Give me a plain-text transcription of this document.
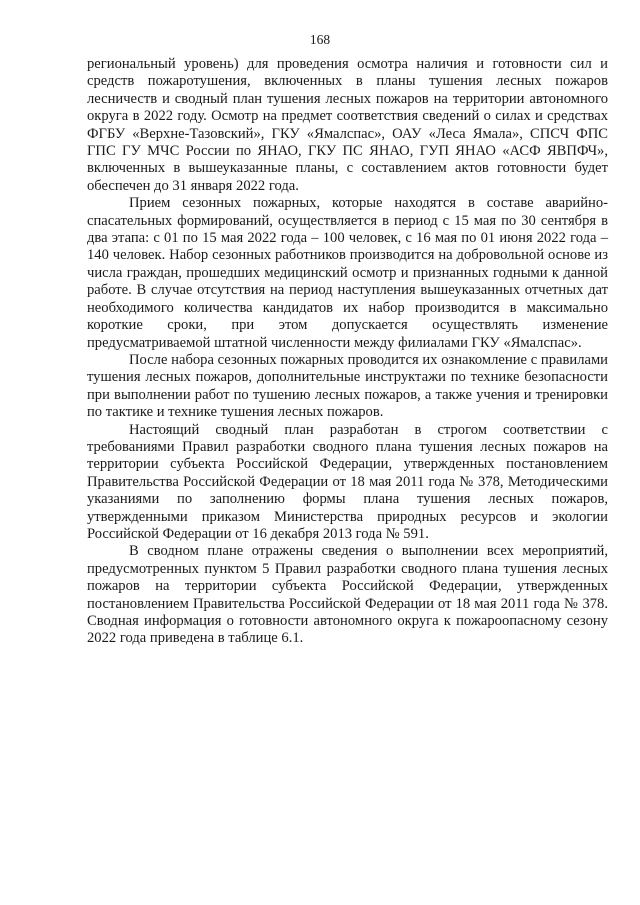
168

региональный уровень) для проведения осмотра наличия и готовности сил и средств пожаротушения, включенных в планы тушения лесных пожаров лесничеств и сводный план тушения лесных пожаров на территории автономного округа в 2022 году. Осмотр на предмет соответствия сведений о силах и средствах ФГБУ «Верхне-Тазовский», ГКУ «Ямалспас», ОАУ «Леса Ямала», СПСЧ ФПС ГПС ГУ МЧС России по ЯНАО, ГКУ ПС ЯНАО, ГУП ЯНАО «АСФ ЯВПФЧ», включенных в вышеуказанные планы, с составлением актов готовности будет обеспечен до 31 января 2022 года.

Прием сезонных пожарных, которые находятся в составе аварийно-спасательных формирований, осуществляется в период с 15 мая по 30 сентября в два этапа: с 01 по 15 мая 2022 года – 100 человек, с 16 мая по 01 июня 2022 года – 140 человек. Набор сезонных работников производится на добровольной основе из числа граждан, прошедших медицинский осмотр и признанных годными к данной работе. В случае отсутствия на период наступления вышеуказанных отчетных дат необходимого количества кандидатов их набор производится в максимально короткие сроки, при этом допускается осуществлять изменение предусматриваемой штатной численности между филиалами ГКУ «Ямалспас».

После набора сезонных пожарных проводится их ознакомление с правилами тушения лесных пожаров, дополнительные инструктажи по технике безопасности при выполнении работ по тушению лесных пожаров, а также учения и тренировки по тактике и технике тушения лесных пожаров.

Настоящий сводный план разработан в строгом соответствии с требованиями Правил разработки сводного плана тушения лесных пожаров на территории субъекта Российской Федерации, утвержденных постановлением Правительства Российской Федерации от 18 мая 2011 года № 378, Методическими указаниями по заполнению формы плана тушения лесных пожаров, утвержденными приказом Министерства природных ресурсов и экологии Российской Федерации от 16 декабря 2013 года № 591.

В сводном плане отражены сведения о выполнении всех мероприятий, предусмотренных пунктом 5 Правил разработки сводного плана тушения лесных пожаров на территории субъекта Российской Федерации, утвержденных постановлением Правительства Российской Федерации от 18 мая 2011 года № 378. Сводная информация о готовности автономного округа к пожароопасному сезону 2022 года приведена в таблице 6.1.
